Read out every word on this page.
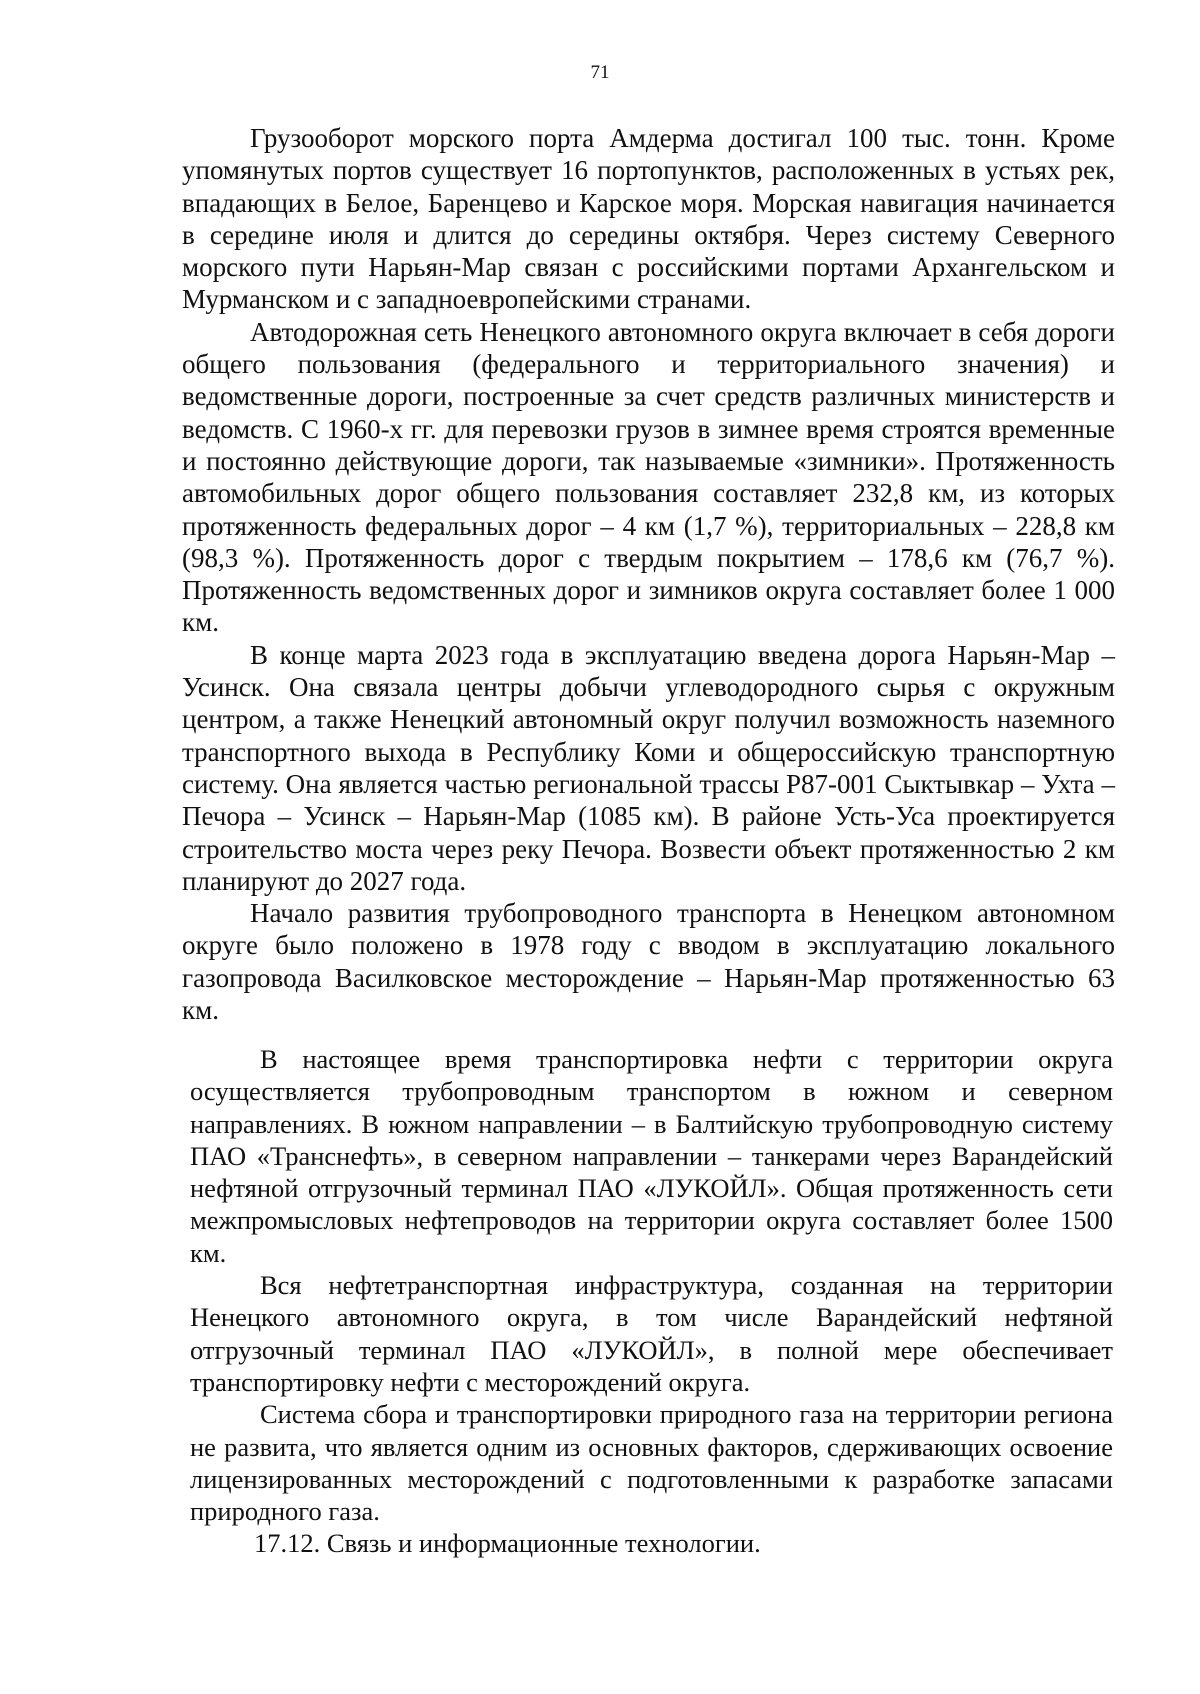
71

Грузооборот морского порта Амдерма достигал 100 тыс. тонн. Кроме упомянутых портов существует 16 портопунктов, расположенных в устьях рек, впадающих в Белое, Баренцево и Карское моря. Морская навигация начинается в середине июля и длится до середины октября. Через систему Северного морского пути Нарьян-Мар связан с российскими портами Архангельском и Мурманском и с западноевропейскими странами.

Автодорожная сеть Ненецкого автономного округа включает в себя дороги общего пользования (федерального и территориального значения) и ведомственные дороги, построенные за счет средств различных министерств и ведомств. С 1960-х гг. для перевозки грузов в зимнее время строятся временные и постоянно действующие дороги, так называемые «зимники». Протяженность автомобильных дорог общего пользования составляет 232,8 км, из которых протяженность федеральных дорог – 4 км (1,7 %), территориальных – 228,8 км (98,3 %). Протяженность дорог с твердым покрытием – 178,6 км (76,7 %). Протяженность ведомственных дорог и зимников округа составляет более 1 000 км.

В конце марта 2023 года в эксплуатацию введена дорога Нарьян-Мар – Усинск. Она связала центры добычи углеводородного сырья с окружным центром, а также Ненецкий автономный округ получил возможность наземного транспортного выхода в Республику Коми и общероссийскую транспортную систему. Она является частью региональной трассы Р87-001 Сыктывкар – Ухта – Печора – Усинск – Нарьян-Мар (1085 км). В районе Усть-Уса проектируется строительство моста через реку Печора. Возвести объект протяженностью 2 км планируют до 2027 года.

Начало развития трубопроводного транспорта в Ненецком автономном округе было положено в 1978 году с вводом в эксплуатацию локального газопровода Василковское месторождение – Нарьян-Мар протяженностью 63 км.

В настоящее время транспортировка нефти с территории округа осуществляется трубопроводным транспортом в южном и северном направлениях. В южном направлении – в Балтийскую трубопроводную систему ПАО «Транснефть», в северном направлении – танкерами через Варандейский нефтяной отгрузочный терминал ПАО «ЛУКОЙЛ». Общая протяженность сети межпромысловых нефтепроводов на территории округа составляет более 1500 км.

Вся нефтетранспортная инфраструктура, созданная на территории Ненецкого автономного округа, в том числе Варандейский нефтяной отгрузочный терминал ПАО «ЛУКОЙЛ», в полной мере обеспечивает транспортировку нефти с месторождений округа.

Система сбора и транспортировки природного газа на территории региона не развита, что является одним из основных факторов, сдерживающих освоение лицензированных месторождений с подготовленными к разработке запасами природного газа.

17.12. Связь и информационные технологии.
